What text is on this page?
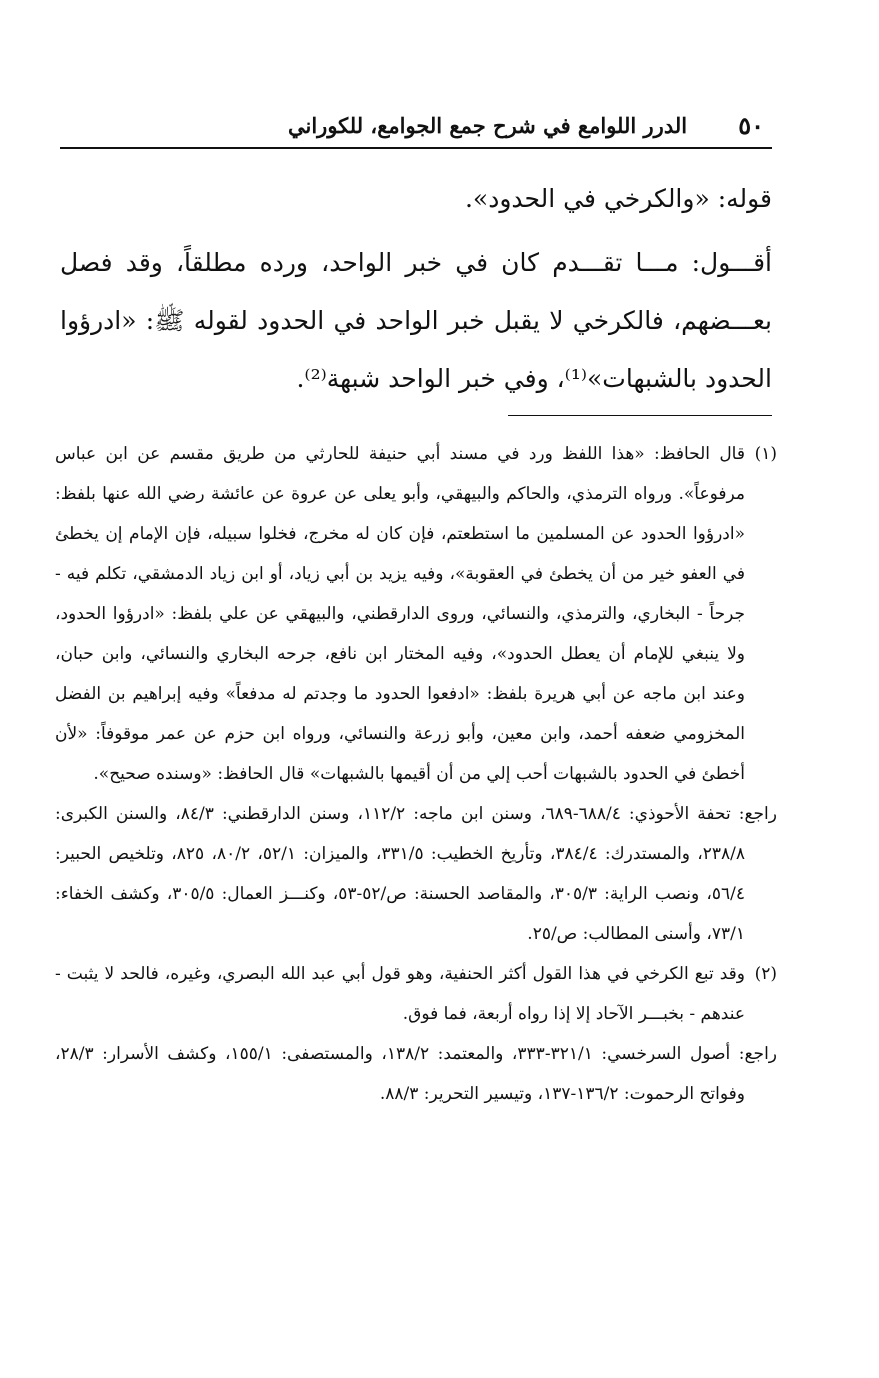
٥٠
الدرر اللوامع في شرح جمع الجوامع، للكوراني

قوله: «والكرخي في الحدود».

أقـــول: مـــا تقـــدم كان في خبر الواحد، ورده مطلقاً، وقد فصل بعـــضهم، فالكرخي لا يقبل خبر الواحد في الحدود لقوله ﷺ: «ادرؤوا الحدود بالشبهات»⁽¹⁾، وفي خبر الواحد شبهة⁽²⁾.

(١)قال الحافظ: «هذا اللفظ ورد في مسند أبي حنيفة للحارثي من طريق مقسم عن ابن عباس مرفوعاً». ورواه الترمذي، والحاكم والبيهقي، وأبو يعلى عن عروة عن عائشة رضي الله عنها بلفظ: «ادرؤوا الحدود عن المسلمين ما استطعتم، فإن كان له مخرج، فخلوا سبيله، فإن الإمام إن يخطئ في العفو خير من أن يخطئ في العقوبة»، وفيه يزيد بن أبي زياد، أو ابن زياد الدمشقي، تكلم فيه - جرحاً - البخاري، والترمذي، والنسائي، وروى الدارقطني، والبيهقي عن علي بلفظ: «ادرؤوا الحدود، ولا ينبغي للإمام أن يعطل الحدود»، وفيه المختار ابن نافع، جرحه البخاري والنسائي، وابن حبان، وعند ابن ماجه عن أبي هريرة بلفظ: «ادفعوا الحدود ما وجدتم له مدفعاً» وفيه إبراهيم بن الفضل المخزومي ضعفه أحمد، وابن معين، وأبو زرعة والنسائي، ورواه ابن حزم عن عمر موقوفاً: «لأن أخطئ في الحدود بالشبهات أحب إلي من أن أقيمها بالشبهات» قال الحافظ: «وسنده صحيح».

راجع: تحفة الأحوذي: ٦٨٨/٤-٦٨٩، وسنن ابن ماجه: ١١٢/٢، وسنن الدارقطني: ٨٤/٣، والسنن الكبرى: ٢٣٨/٨، والمستدرك: ٣٨٤/٤، وتأريخ الخطيب: ٣٣١/٥، والميزان: ٥٢/١، ٨٠/٢، ٨٢٥، وتلخيص الحبير: ٥٦/٤، ونصب الراية: ٣٠٥/٣، والمقاصد الحسنة: ص/٥٢-٥٣، وكنـــز العمال: ٣٠٥/٥، وكشف الخفاء: ٧٣/١، وأسنى المطالب: ص/٢٥.

(٢)وقد تبع الكرخي في هذا القول أكثر الحنفية، وهو قول أبي عبد الله البصري، وغيره، فالحد لا يثبت - عندهم - بخبـــر الآحاد إلا إذا رواه أربعة، فما فوق.

راجع: أصول السرخسي: ٣٢١/١-٣٣٣، والمعتمد: ١٣٨/٢، والمستصفى: ١٥٥/١، وكشف الأسرار: ٢٨/٣، وفواتح الرحموت: ١٣٦/٢-١٣٧، وتيسير التحرير: ٨٨/٣.
